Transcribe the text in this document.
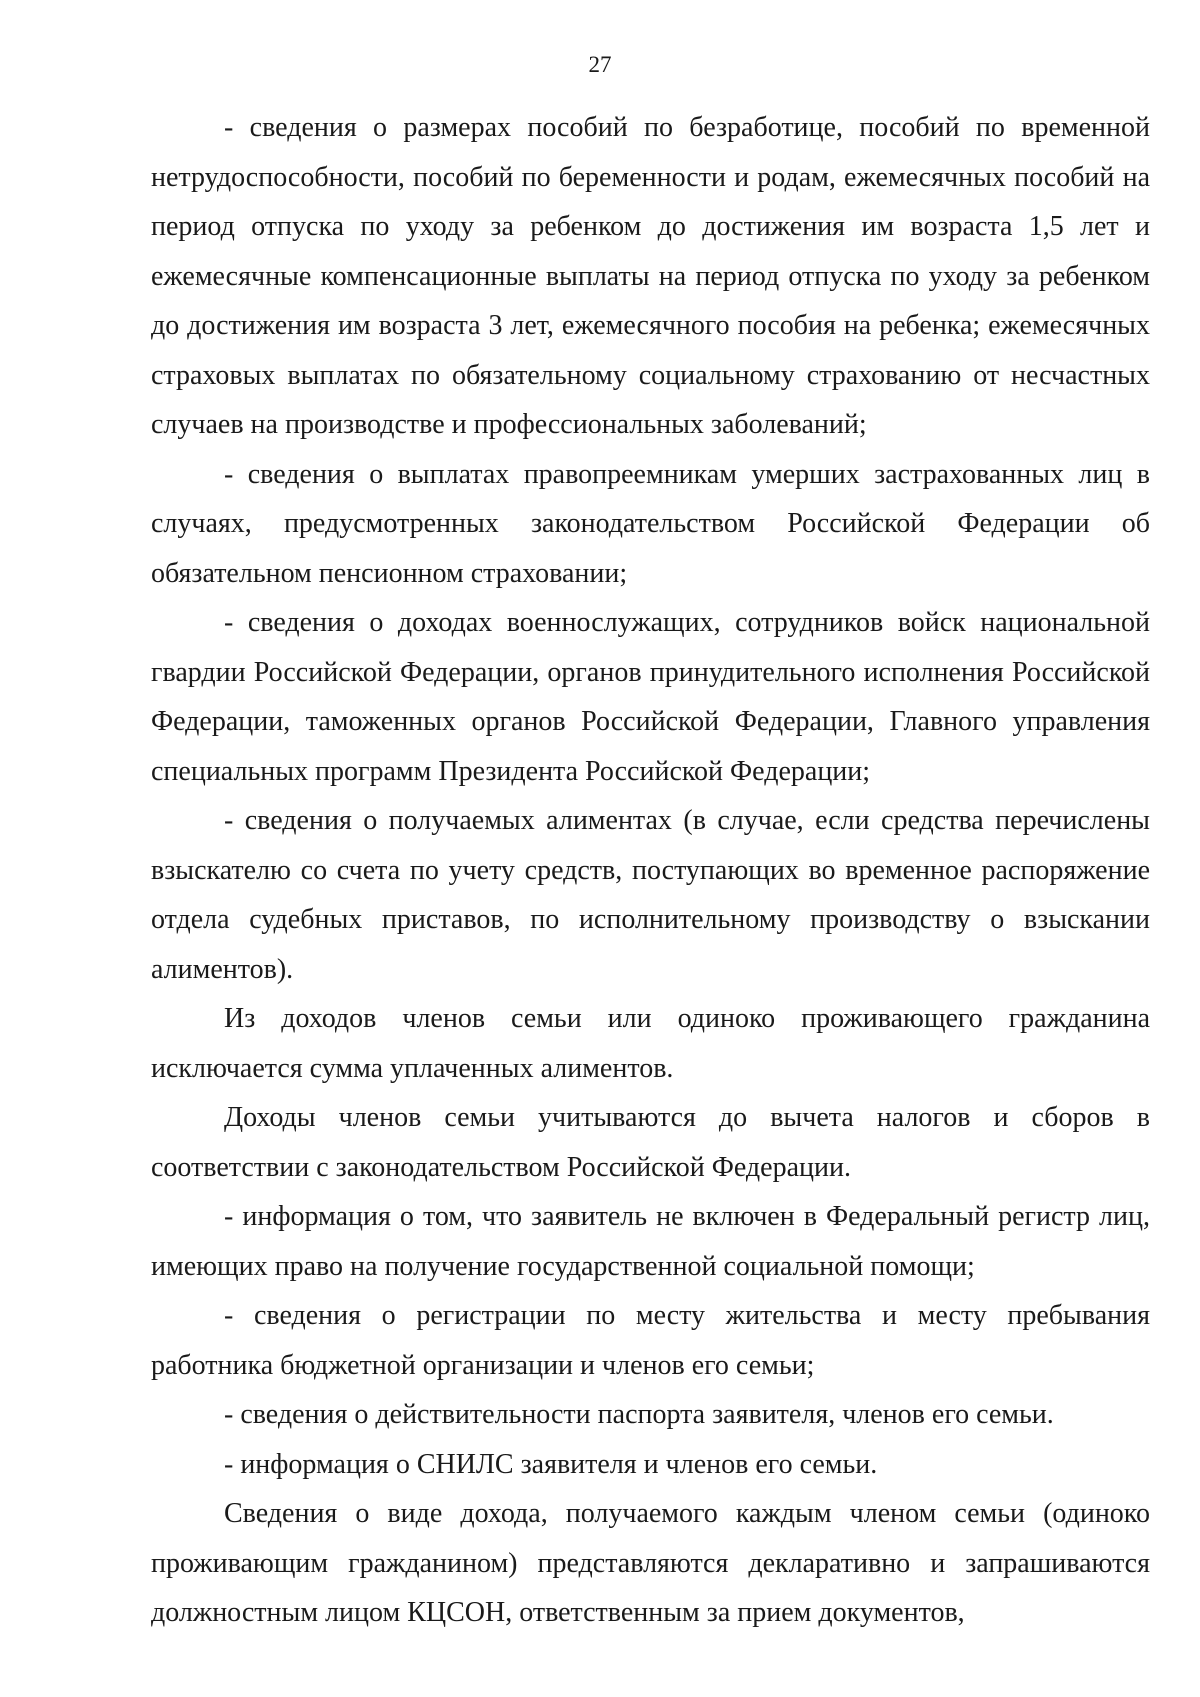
27

- сведения о размерах пособий по безработице, пособий по временной нетрудоспособности, пособий по беременности и родам, ежемесячных пособий на период отпуска по уходу за ребенком до достижения им возраста 1,5 лет и ежемесячные компенсационные выплаты на период отпуска по уходу за ребенком до достижения им возраста 3 лет, ежемесячного пособия на ребенка; ежемесячных страховых выплатах по обязательному социальному страхованию от несчастных случаев на производстве и профессиональных заболеваний;

- сведения о выплатах правопреемникам умерших застрахованных лиц в случаях, предусмотренных законодательством Российской Федерации об обязательном пенсионном страховании;

- сведения о доходах военнослужащих, сотрудников войск национальной гвардии Российской Федерации, органов принудительного исполнения Российской Федерации, таможенных органов Российской Федерации, Главного управления специальных программ Президента Российской Федерации;

- сведения о получаемых алиментах (в случае, если средства перечислены взыскателю со счета по учету средств, поступающих во временное распоряжение отдела судебных приставов, по исполнительному производству о взыскании алиментов).

Из доходов членов семьи или одиноко проживающего гражданина исключается сумма уплаченных алиментов.

Доходы членов семьи учитываются до вычета налогов и сборов в соответствии с законодательством Российской Федерации.

- информация о том, что заявитель не включен в Федеральный регистр лиц, имеющих право на получение государственной социальной помощи;

- сведения о регистрации по месту жительства и месту пребывания работника бюджетной организации и членов его семьи;

- сведения о действительности паспорта заявителя, членов его семьи.

- информация о СНИЛС заявителя и членов его семьи.

Сведения о виде дохода, получаемого каждым членом семьи (одиноко проживающим гражданином) представляются декларативно и запрашиваются должностным лицом КЦСОН, ответственным за прием документов,
